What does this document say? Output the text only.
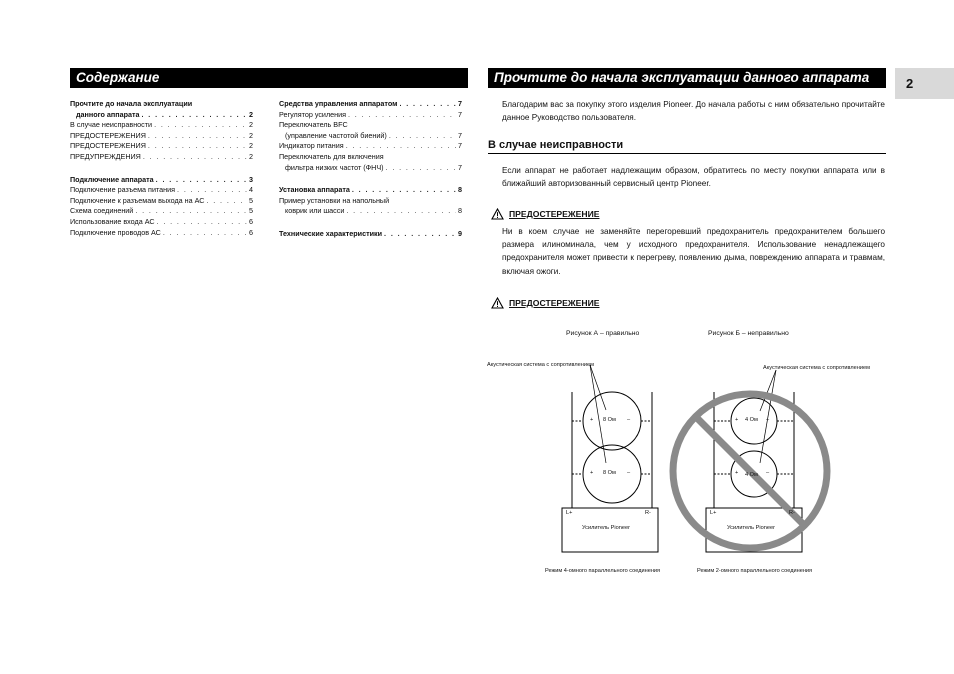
Содержание	Прочтите до начала эксплуатации данного аппарата	2
Прочтите до начала эксплуатации
данного аппарата . . .	2
В случае неисправности . . .	2
ПРЕДОСТЕРЕЖЕНИЯ . . .	2
ПРЕДОСТЕРЕЖЕНИЯ . . .	2
ПРЕДУПРЕЖДЕНИЯ . . .	2
Подключение аппарата . . .	3
Подключение разъема питания . . .	4
Подключение к разъемам выхода на АС . . .	5
Схема соединений . . .	5
Использование входа АС . . .	6
Подключение проводов АС . . .	6
Средства управления аппаратом . . .	7
Регулятор усиления . . .	7
Переключатель BFC
(управление частотой биений) . . .	7
Индикатор питания . . .	7
Переключатель для включения
фильтра низких частот (ФНЧ) . . .	7
Установка аппарата . . .	8
Пример установки на напольный
коврик или шасси . . .	8
Технические характеристики . . .	9
Благодарим вас за покупку этого изделия Pioneer. До начала работы с ним обязательно прочитайте данное Руководство пользователя.
В случае неисправности
Если аппарат не работает надлежащим образом, обратитесь по месту покупки аппарата или в ближайший авторизованный сервисный центр Pioneer.
ПРЕДОСТЕРЕЖЕНИЕ
Ни в коем случае не заменяйте перегоревший предохранитель предохранителем большего размера илиноминала, чем у исходного предохранителя. Использование ненадлежащего предохранителя может привести к перегреву, появлению дыма, повреждению аппарата и травмам, включая ожоги.
ПРЕДОСТЕРЕЖЕНИЕ
Рисунок А – правильно	Рисунок Б – неправильно
Акустическая система с сопротивлением	Акустическая система с сопротивлением
+ 8 Ом –
+ 8 Ом –
+ 4 Ом –
+ 4 Ом –
L+	R-
Усилитель Pioneer
L+	R-
Усилитель Pioneer
Режим 4-омного параллельного соединения	Режим 2-омного параллельного соединения
